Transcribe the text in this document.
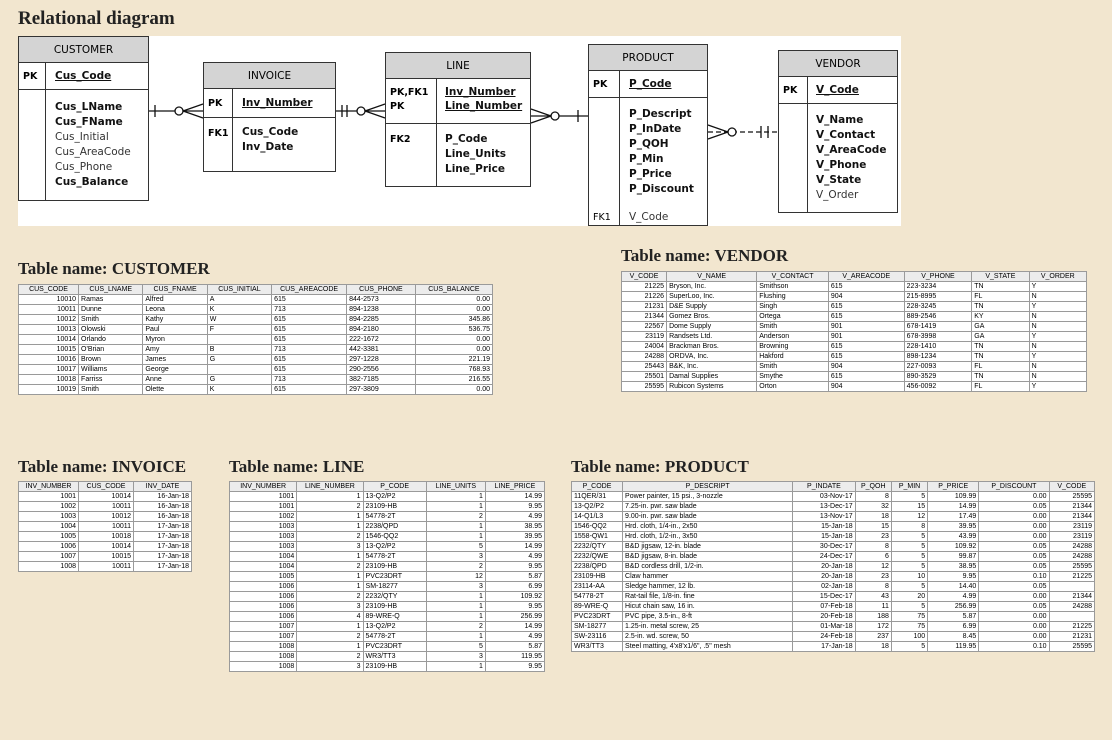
Relational diagram
CUSTOMER
PK Cus_Code
Cus_LName
Cus_FName
Cus_Initial
Cus_AreaCode
Cus_Phone
Cus_Balance
INVOICE
PK Inv_Number
FK1 Cus_Code
Inv_Date
LINE
PK,FK1
PK
Inv_Number
Line_Number
FK2	P_Code
Line_Units
Line_Price
PRODUCT
PK P_Code
P_Descript
P_InDate
P_QOH
P_Min
P_Price
P_Discount
FK1 V_Code
VENDOR
PK V_Code
V_Name
V_Contact
V_AreaCode
V_Phone
V_State
V_Order
Table name: CUSTOMER
Table name: VENDOR
Table name: INVOICE	Table name: LINE	Table name: PRODUCT
CUS_CODE	CUS_LNAME	CUS_FNAME	CUS_INITIAL	CUS_AREACODE	CUS_PHONE	CUS_BALANCE
10010	Ramas	Alfred	A	615	844-2573	0.00
10011	Dunne	Leona	K	713	894-1238	0.00
10012	Smith	Kathy	W	615	894-2285	345.86
10013	Olowski	Paul	F	615	894-2180	536.75
10014	Orlando	Myron		615	222-1672	0.00
10015	O'Brian	Amy	B	713	442-3381	0.00
10016	Brown	James	G	615	297-1228	221.19
10017	Williams	George		615	290-2556	768.93
10018	Farriss	Anne	G	713	382-7185	216.55
10019	Smith	Olette	K	615	297-3809	0.00
V_CODE	V_NAME	V_CONTACT	V_AREACODE	V_PHONE	V_STATE	V_ORDER
21225	Bryson, Inc.	Smithson	615	223-3234	TN	Y
21226	SuperLoo, Inc.	Flushing	904	215-8995	FL	N
21231	D&E Supply	Singh	615	228-3245	TN	Y
21344	Gomez Bros.	Ortega	615	889-2546	KY	N
22567	Dome Supply	Smith	901	678-1419	GA	N
23119	Randsets Ltd.	Anderson	901	678-3998	GA	Y
24004	Brackman Bros.	Browning	615	228-1410	TN	N
24288	ORDVA, Inc.	Hakford	615	898-1234	TN	Y
25443	B&K, Inc.	Smith	904	227-0093	FL	N
25501	Damal Supplies	Smythe	615	890-3529	TN	N
25595	Rubicon Systems	Orton	904	456-0092	FL	Y
INV_NUMBER	CUS_CODE	INV_DATE
1001	10014	16-Jan-18
1002	10011	16-Jan-18
1003	10012	16-Jan-18
1004	10011	17-Jan-18
1005	10018	17-Jan-18
1006	10014	17-Jan-18
1007	10015	17-Jan-18
1008	10011	17-Jan-18
INV_NUMBER	LINE_NUMBER	P_CODE	LINE_UNITS	LINE_PRICE
1001	1	13-Q2/P2	1	14.99
1001	2	23109-HB	1	9.95
1002	1	54778-2T	2	4.99
1003	1	2238/QPD	1	38.95
1003	2	1546-QQ2	1	39.95
1003	3	13-Q2/P2	5	14.99
1004	1	54778-2T	3	4.99
1004	2	23109-HB	2	9.95
1005	1	PVC23DRT	12	5.87
1006	1	SM-18277	3	6.99
1006	2	2232/QTY	1	109.92
1006	3	23109-HB	1	9.95
1006	4	89-WRE-Q	1	256.99
1007	1	13-Q2/P2	2	14.99
1007	2	54778-2T	1	4.99
1008	1	PVC23DRT	5	5.87
1008	2	WR3/TT3	3	119.95
1008	3	23109-HB	1	9.95
P_CODE	P_DESCRIPT	P_INDATE	P_QOH	P_MIN	P_PRICE	P_DISCOUNT	V_CODE
11QER/31	Power painter, 15 psi., 3-nozzle	03-Nov-17	8	5	109.99	0.00	25595
13-Q2/P2	7.25-in. pwr. saw blade	13-Dec-17	32	15	14.99	0.05	21344
14-Q1/L3	9.00-in. pwr. saw blade	13-Nov-17	18	12	17.49	0.00	21344
1546-QQ2	Hrd. cloth, 1/4-in., 2x50	15-Jan-18	15	8	39.95	0.00	23119
1558-QW1	Hrd. cloth, 1/2-in., 3x50	15-Jan-18	23	5	43.99	0.00	23119
2232/QTY	B&D jigsaw, 12-in. blade	30-Dec-17	8	5	109.92	0.05	24288
2232/QWE	B&D jigsaw, 8-in. blade	24-Dec-17	6	5	99.87	0.05	24288
2238/QPD	B&D cordless drill, 1/2-in.	20-Jan-18	12	5	38.95	0.05	25595
23109-HB	Claw hammer	20-Jan-18	23	10	9.95	0.10	21225
23114-AA	Sledge hammer, 12 lb.	02-Jan-18	8	5	14.40	0.05	
54778-2T	Rat-tail file, 1/8-in. fine	15-Dec-17	43	20	4.99	0.00	21344
89-WRE-Q	Hicut chain saw, 16 in.	07-Feb-18	11	5	256.99	0.05	24288
PVC23DRT	PVC pipe, 3.5-in., 8-ft	20-Feb-18	188	75	5.87	0.00	
SM-18277	1.25-in. metal screw, 25	01-Mar-18	172	75	6.99	0.00	21225
SW-23116	2.5-in. wd. screw, 50	24-Feb-18	237	100	8.45	0.00	21231
WR3/TT3	Steel matting, 4'x8'x1/6", .5" mesh	17-Jan-18	18	5	119.95	0.10	25595
